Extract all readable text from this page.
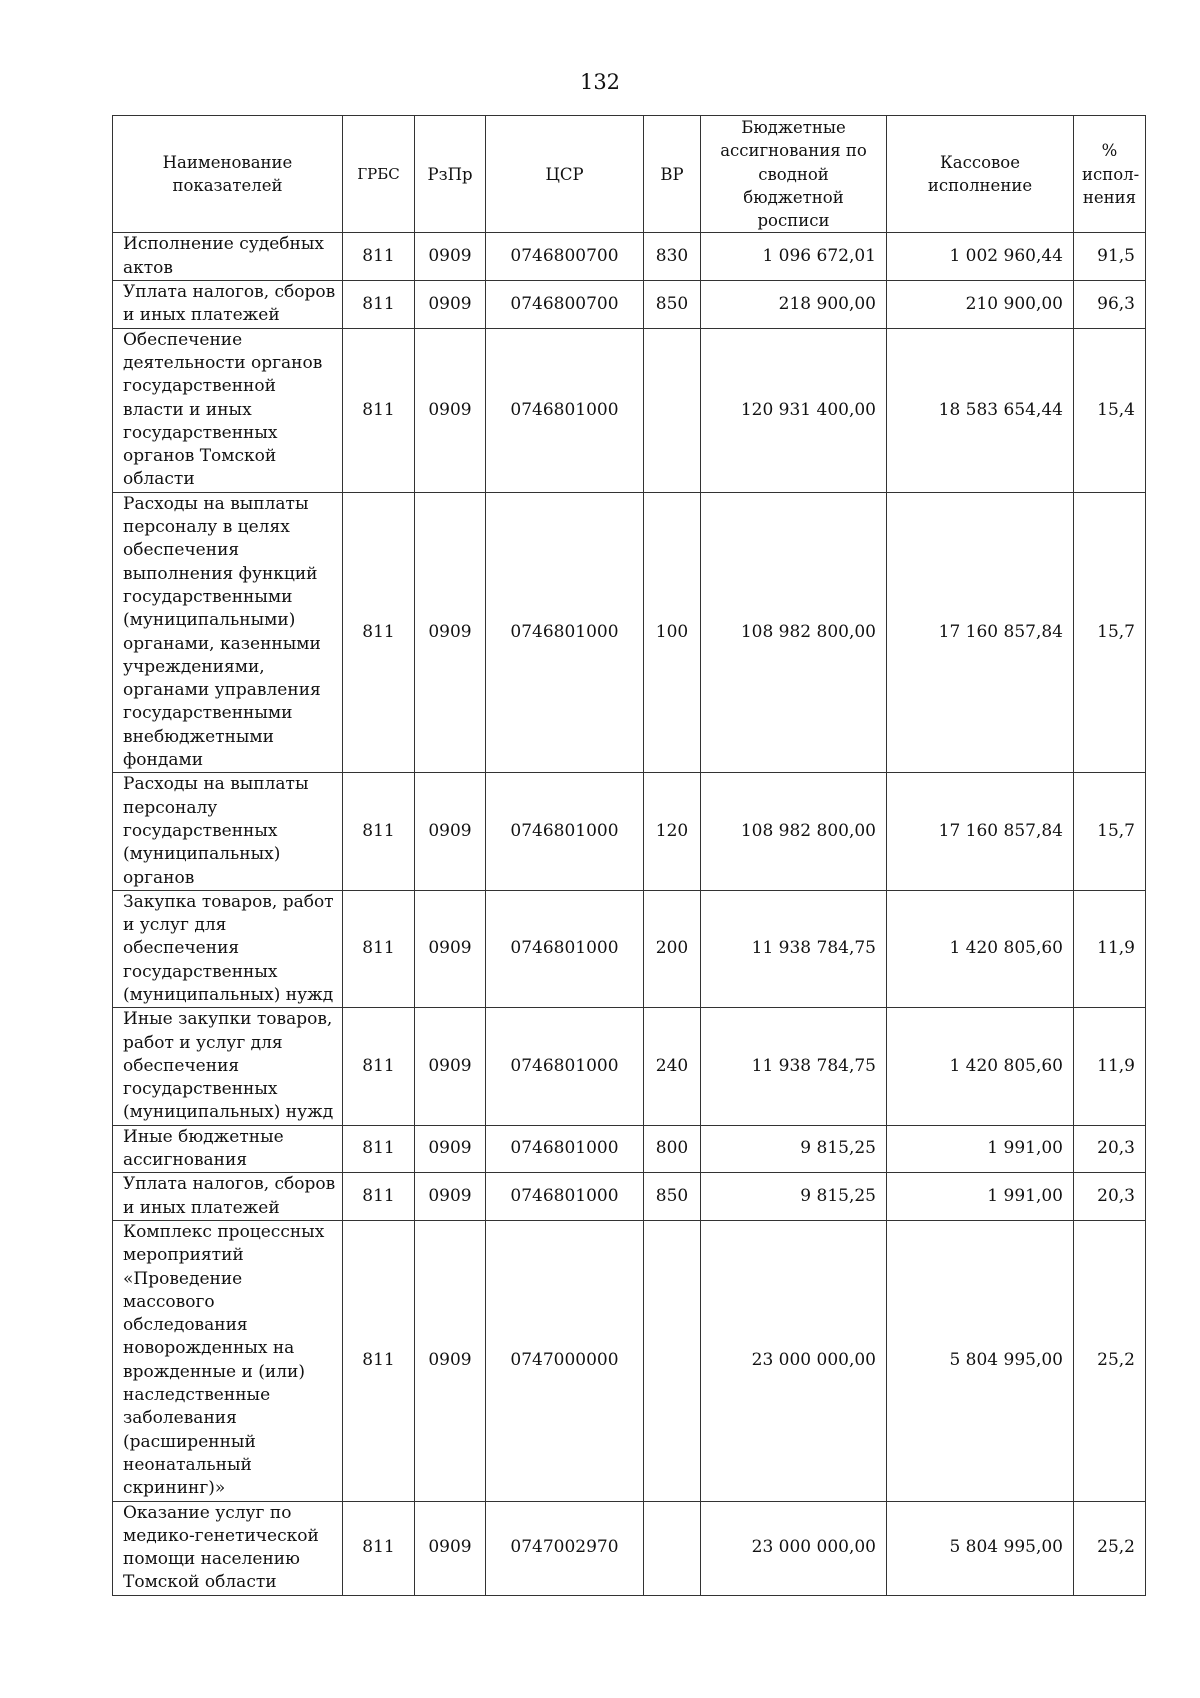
132
Наименование показателей	ГРБС	РзПр	ЦСР	ВР	Бюджетные ассигнования по сводной бюджетной росписи	Кассовое исполнение	% испол-нения
Исполнение судебных актов	811	0909	0746800700	830	1 096 672,01	1 002 960,44	91,5
Уплата налогов, сборов и иных платежей	811	0909	0746800700	850	218 900,00	210 900,00	96,3
Обеспечение деятельности органов государственной власти и иных государственных органов Томской области	811	0909	0746801000		120 931 400,00	18 583 654,44	15,4
Расходы на выплаты персоналу в целях обеспечения выполнения функций государственными (муниципальными) органами, казенными учреждениями, органами управления государственными внебюджетными фондами	811	0909	0746801000	100	108 982 800,00	17 160 857,84	15,7
Расходы на выплаты персоналу государственных (муниципальных) органов	811	0909	0746801000	120	108 982 800,00	17 160 857,84	15,7
Закупка товаров, работ и услуг для обеспечения государственных (муниципальных) нужд	811	0909	0746801000	200	11 938 784,75	1 420 805,60	11,9
Иные закупки товаров, работ и услуг для обеспечения государственных (муниципальных) нужд	811	0909	0746801000	240	11 938 784,75	1 420 805,60	11,9
Иные бюджетные ассигнования	811	0909	0746801000	800	9 815,25	1 991,00	20,3
Уплата налогов, сборов и иных платежей	811	0909	0746801000	850	9 815,25	1 991,00	20,3
Комплекс процессных мероприятий «Проведение массового обследования новорожденных на врожденные и (или) наследственные заболевания (расширенный неонатальный скрининг)»	811	0909	0747000000		23 000 000,00	5 804 995,00	25,2
Оказание услуг по медико-генетической помощи населению Томской области	811	0909	0747002970		23 000 000,00	5 804 995,00	25,2
